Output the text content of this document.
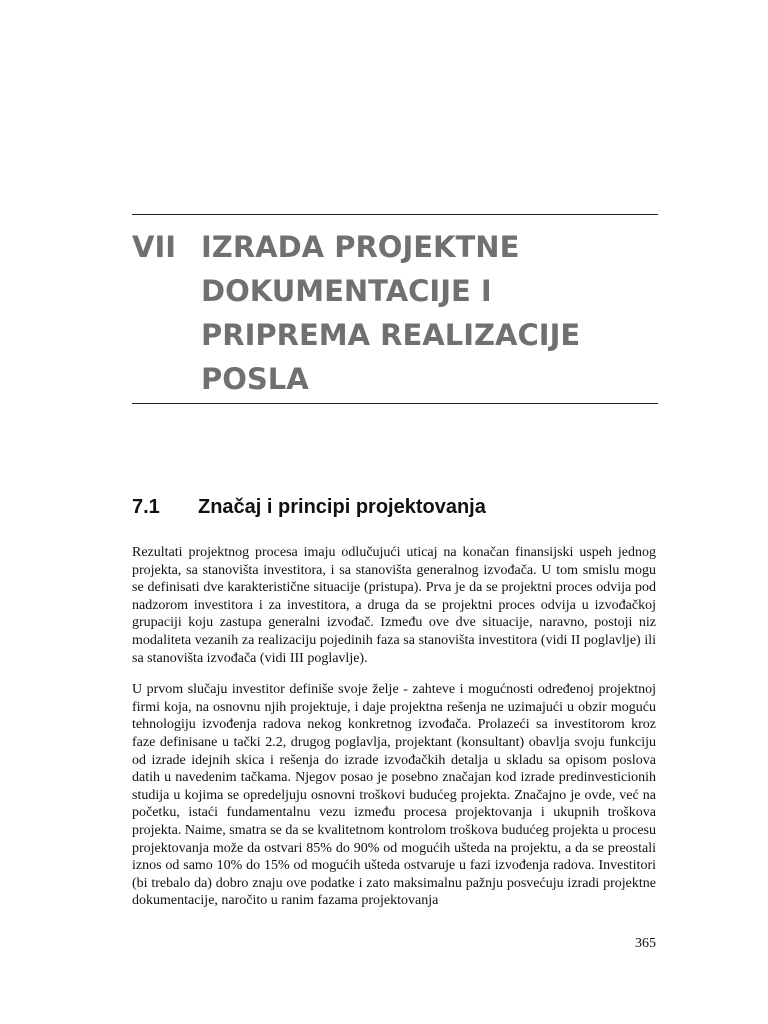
VII IZRADA PROJEKTNE
DOKUMENTACIJE I
PRIPREMA REALIZACIJE
POSLA
7.1	Značaj i principi projektovanja

Rezultati projektnog procesa imaju odlučujući uticaj na konačan finansijski uspeh jednog projekta, sa stanovišta investitora, i sa stanovišta generalnog izvođača. U tom smislu mogu se definisati dve karakteristične situacije (pristupa). Prva je da se projektni proces odvija pod nadzorom investitora i za investitora, a druga da se projektni proces odvija u izvođačkoj grupaciji koju zastupa generalni izvođač. Između ove dve situacije, naravno, postoji niz modaliteta vezanih za realizaciju pojedinih faza sa stanovišta investitora (vidi II poglavlje) ili sa stanovišta izvođača (vidi III poglavlje).

U prvom slučaju investitor definiše svoje želje - zahteve i mogućnosti određenoj projektnoj firmi koja, na osnovnu njih projektuje, i daje projektna rešenja ne uzimajući u obzir moguću tehnologiju izvođenja radova nekog konkretnog izvođača. Prolazeći sa investitorom kroz faze definisane u tački 2.2, drugog poglavlja, projektant (konsultant) obavlja svoju funkciju od izrade idejnih skica i rešenja do izrade izvođačkih detalja u skladu sa opisom poslova datih u navedenim tačkama. Njegov posao je posebno značajan kod izrade predinvesticionih studija u kojima se opredeljuju osnovni troškovi budućeg projekta. Značajno je ovde, već na početku, istaći fundamentalnu vezu između procesa projektovanja i ukupnih troškova projekta. Naime, smatra se da se kvalitetnom kontrolom troškova budućeg projekta u procesu projektovanja može da ostvari 85% do 90% od mogućih ušteda na projektu, a da se preostali iznos od samo 10% do 15% od mogućih ušteda ostvaruje u fazi izvođenja radova. Investitori (bi trebalo da) dobro znaju ove podatke i zato maksimalnu pažnju posvećuju izradi projektne dokumentacije, naročito u ranim fazama projektovanja

365
